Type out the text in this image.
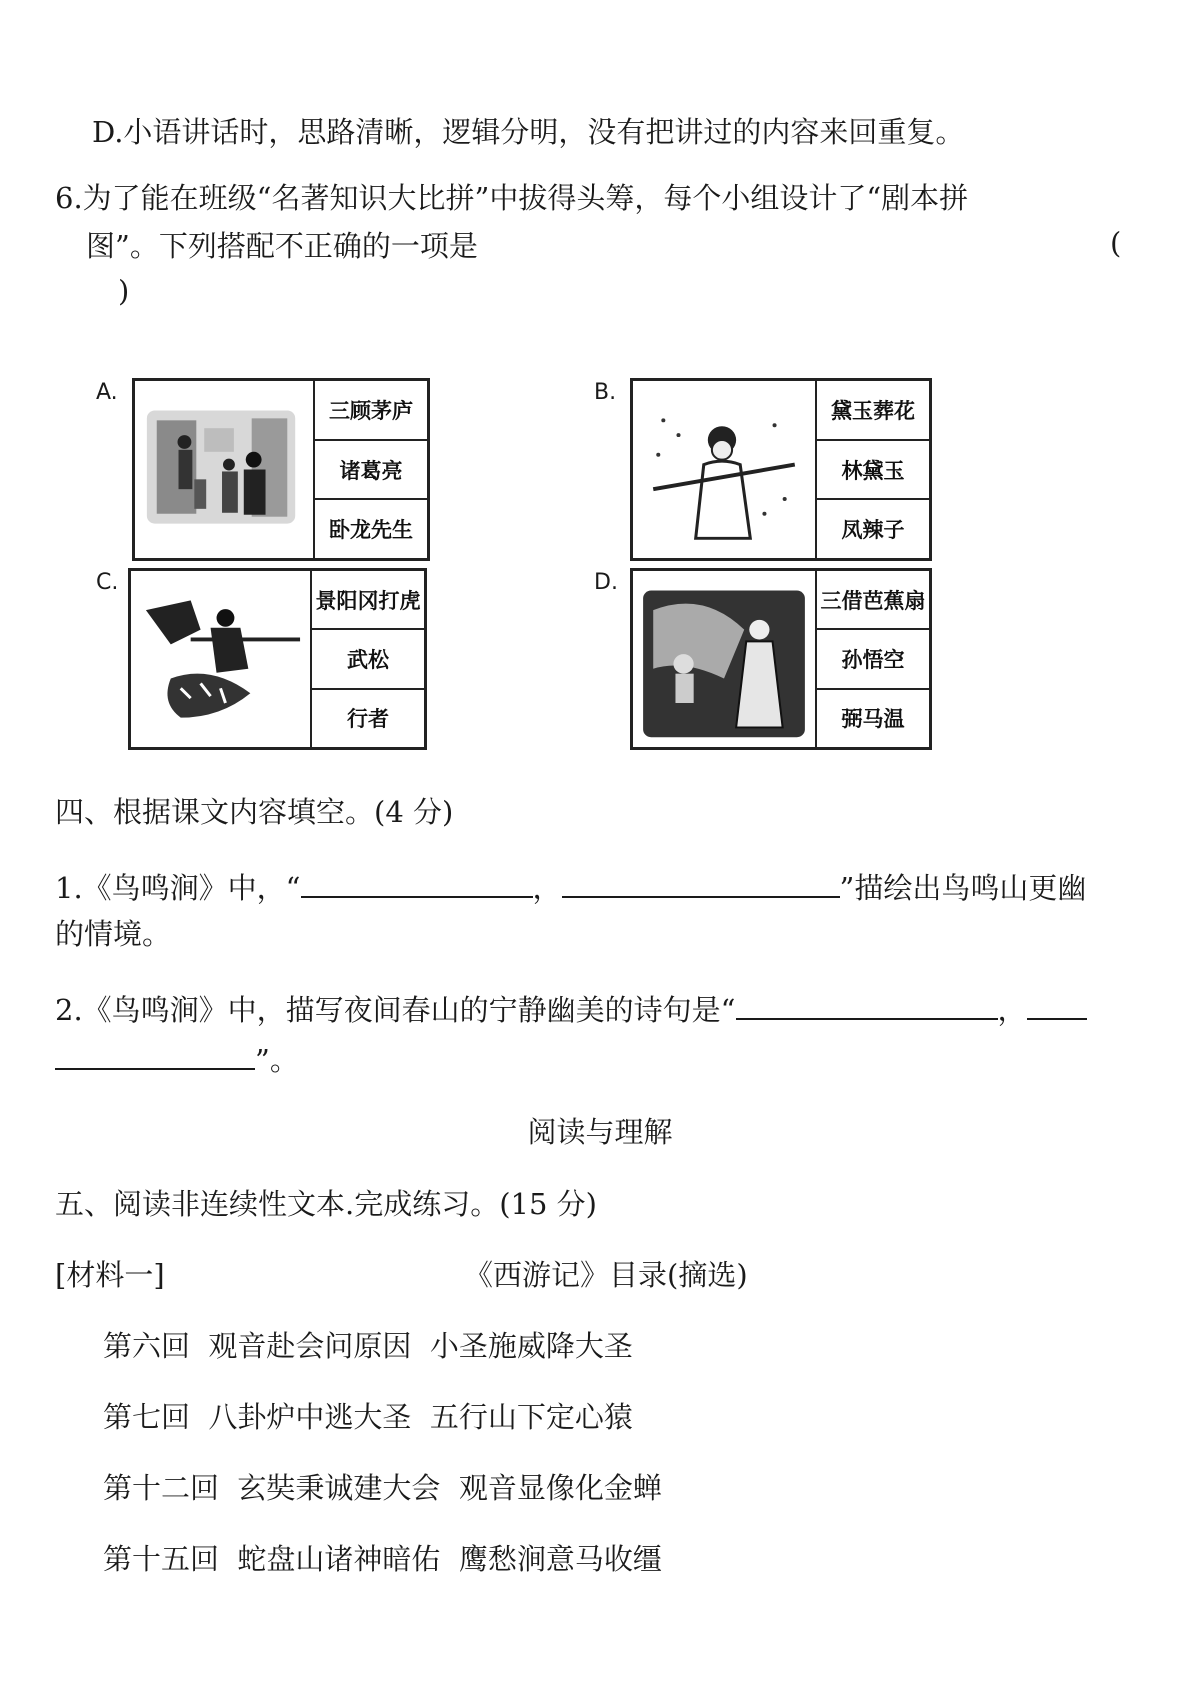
D.小语讲话时，思路清晰，逻辑分明，没有把讲过的内容来回重复。
6.为了能在班级“名著知识大比拼”中拔得头筹，每个小组设计了“剧本拼
图”。下列搭配不正确的一项是	(
)
A.
三顾茅庐
诸葛亮
卧龙先生
B.
黛玉葬花
林黛玉
凤辣子
C.
景阳冈打虎
武松
行者
D.
三借芭蕉扇
孙悟空
弼马温
四、根据课文内容填空。(4 分)
1.《鸟鸣涧》中，“	，	”描绘出鸟鸣山更幽
的情境。
2.《鸟鸣涧》中，描写夜间春山的宁静幽美的诗句是“	，
”。
阅读与理解
五、阅读非连续性文本.完成练习。(15 分)
[材料一]	《西游记》目录(摘选)
第六回  观音赴会问原因  小圣施威降大圣
第七回  八卦炉中逃大圣  五行山下定心猿
第十二回  玄奘秉诚建大会  观音显像化金蝉
第十五回  蛇盘山诸神暗佑  鹰愁涧意马收缰
